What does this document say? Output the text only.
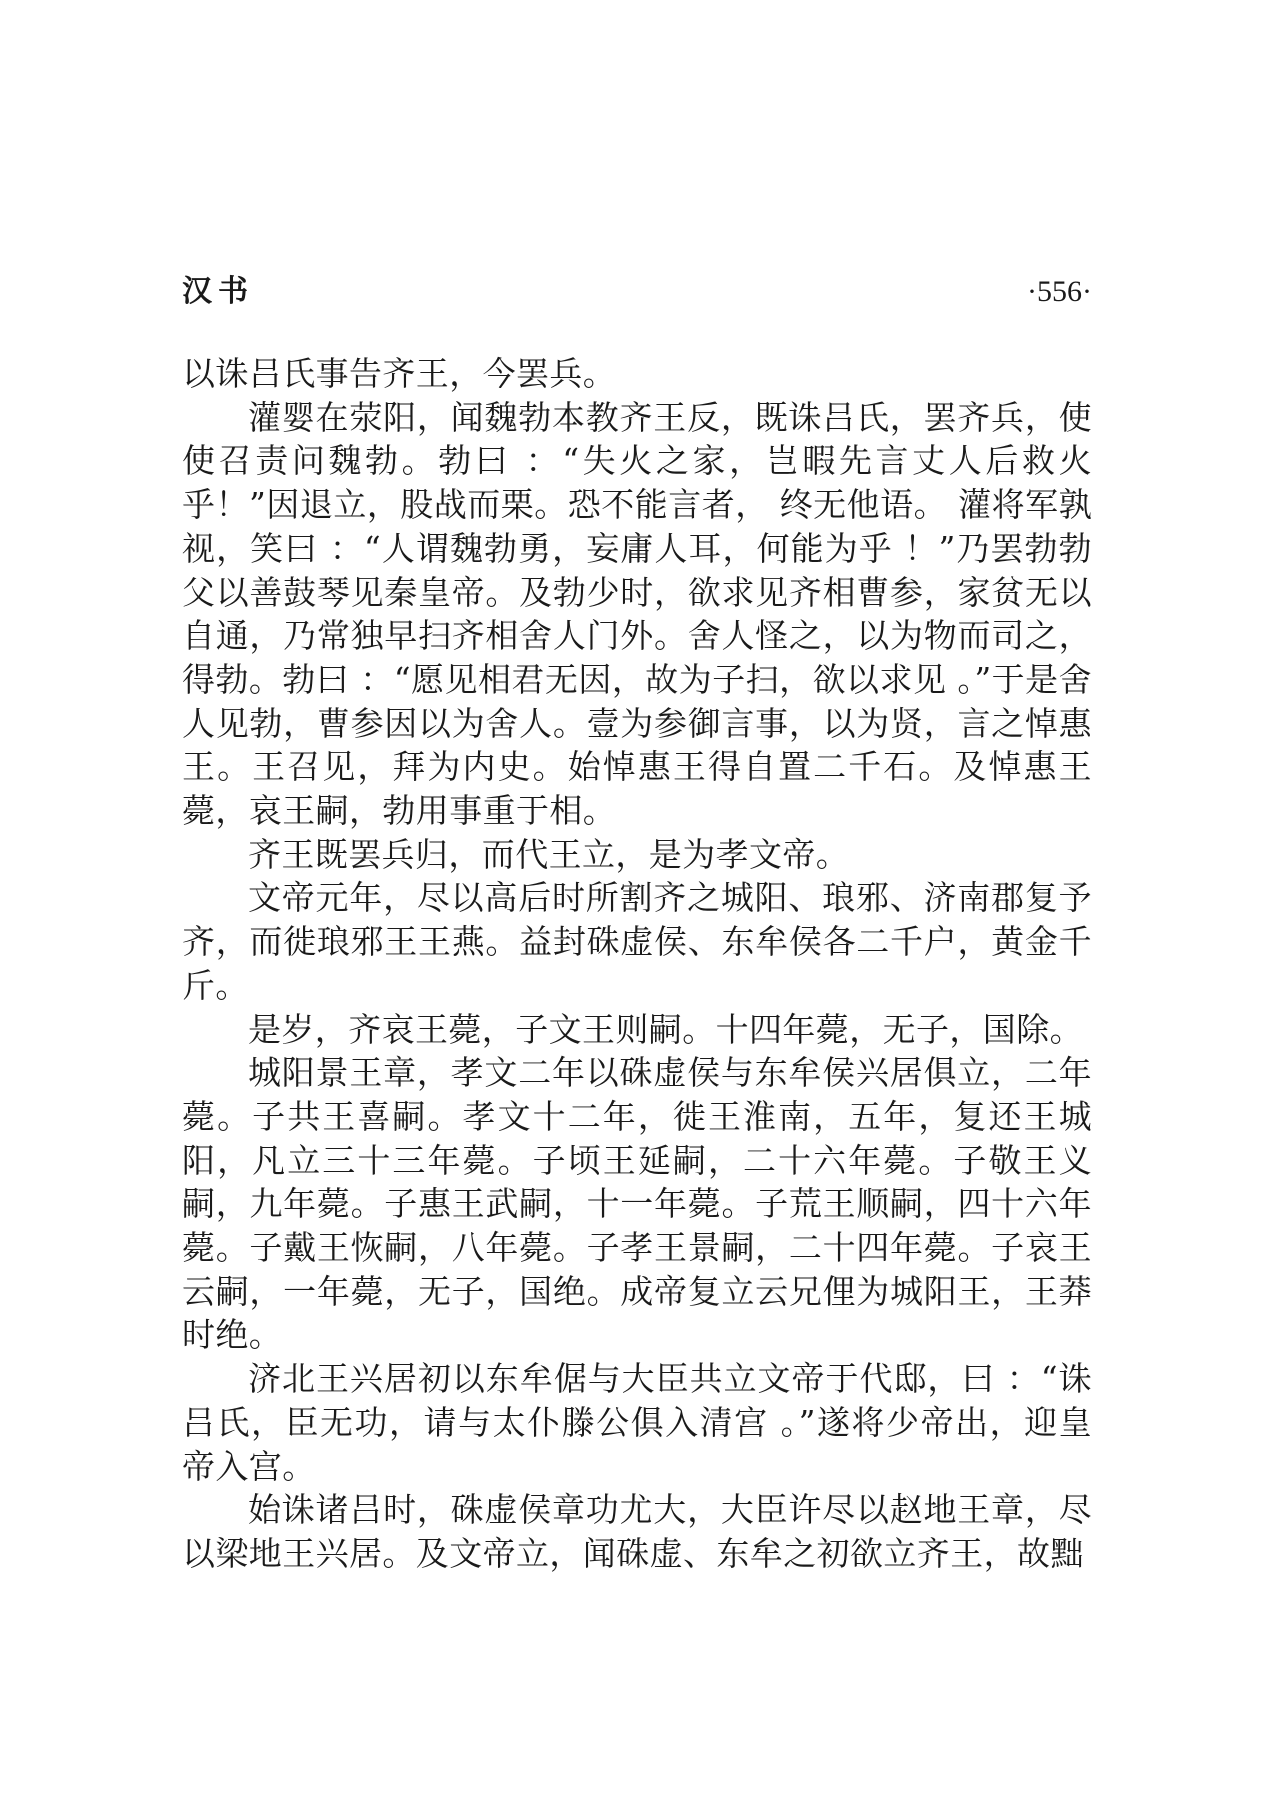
汉书	·556·

以诛吕氏事告齐王，今罢兵。

灌婴在荥阳，闻魏勃本教齐王反，既诛吕氏，罢齐兵，使使召责问魏勃。勃曰 ：“失火之家，岂暇先言丈人后救火乎！”因退立，股战而栗。恐不能言者， 终无他语。 灌将军孰视，笑曰 ：“人谓魏勃勇，妄庸人耳，何能为乎 ！”乃罢勃勃父以善鼓琴见秦皇帝。及勃少时，欲求见齐相曹参，家贫无以自通，乃常独早扫齐相舍人门外。舍人怪之，以为物而司之，得勃。勃曰 ：“愿见相君无因，故为子扫，欲以求见 。”于是舍人见勃，曹参因以为舍人。壹为参御言事，以为贤，言之悼惠王。王召见，拜为内史。始悼惠王得自置二千石。及悼惠王薨，哀王嗣，勃用事重于相。

齐王既罢兵归，而代王立，是为孝文帝。

文帝元年，尽以高后时所割齐之城阳、琅邪、济南郡复予齐，而徙琅邪王王燕。益封硃虚侯、东牟侯各二千户，黄金千斤。

是岁，齐哀王薨，子文王则嗣。十四年薨，无子，国除。

城阳景王章，孝文二年以硃虚侯与东牟侯兴居俱立，二年薨。子共王喜嗣。孝文十二年，徙王淮南，五年，复还王城阳，凡立三十三年薨。子顷王延嗣，二十六年薨。子敬王义嗣，九年薨。子惠王武嗣，十一年薨。子荒王顺嗣，四十六年薨。子戴王恢嗣，八年薨。子孝王景嗣，二十四年薨。子哀王云嗣，一年薨，无子，国绝。成帝复立云兄俚为城阳王，王莽时绝。

济北王兴居初以东牟倨与大臣共立文帝于代邸，曰 ：“诛吕氏，臣无功，请与太仆滕公俱入清宫 。”遂将少帝出，迎皇帝入宫。

始诛诸吕时，硃虚侯章功尤大，大臣许尽以赵地王章，尽以梁地王兴居。及文帝立，闻硃虚、东牟之初欲立齐王，故黜
